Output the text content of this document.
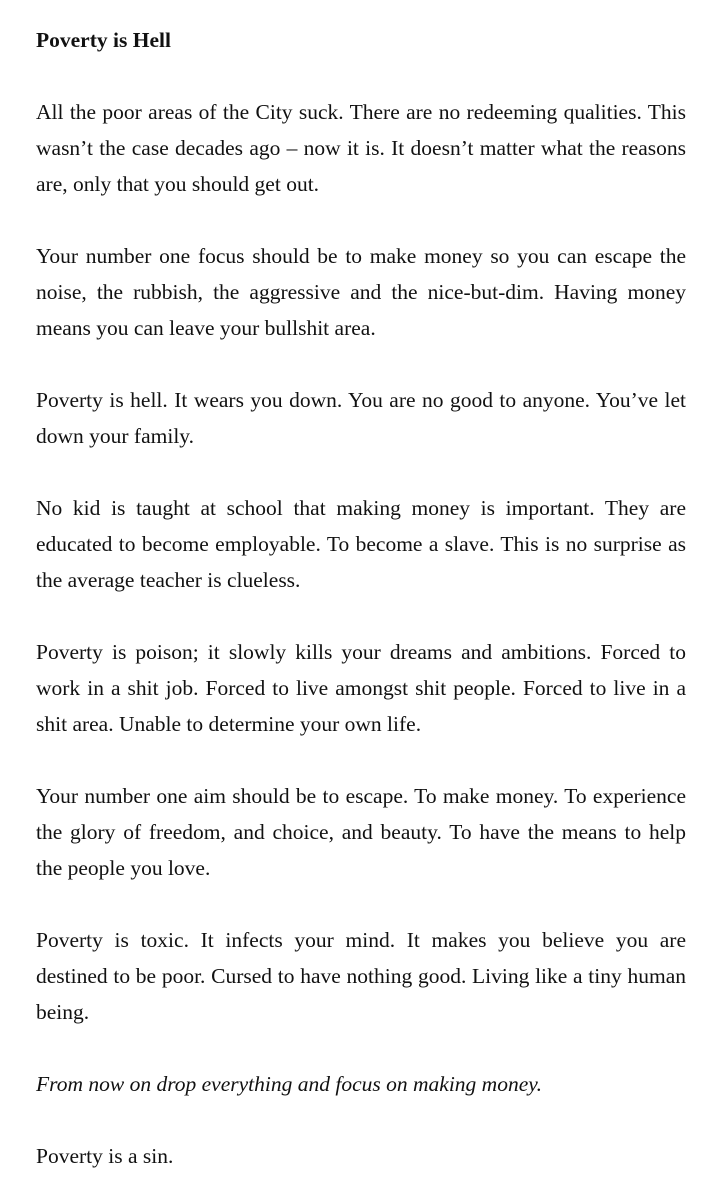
Poverty is Hell

All the poor areas of the City suck. There are no redeeming qualities. This wasn’t the case decades ago – now it is. It doesn’t matter what the reasons are, only that you should get out.

Your number one focus should be to make money so you can escape the noise, the rubbish, the aggressive and the nice-but-dim. Having money means you can leave your bullshit area.

Poverty is hell. It wears you down. You are no good to anyone. You’ve let down your family.

No kid is taught at school that making money is important. They are educated to become employable. To become a slave. This is no surprise as the average teacher is clueless.

Poverty is poison; it slowly kills your dreams and ambitions. Forced to work in a shit job. Forced to live amongst shit people. Forced to live in a shit area. Unable to determine your own life.

Your number one aim should be to escape. To make money. To experience the glory of freedom, and choice, and beauty. To have the means to help the people you love.

Poverty is toxic. It infects your mind. It makes you believe you are destined to be poor. Cursed to have nothing good. Living like a tiny human being.

From now on drop everything and focus on making money.

Poverty is a sin.
